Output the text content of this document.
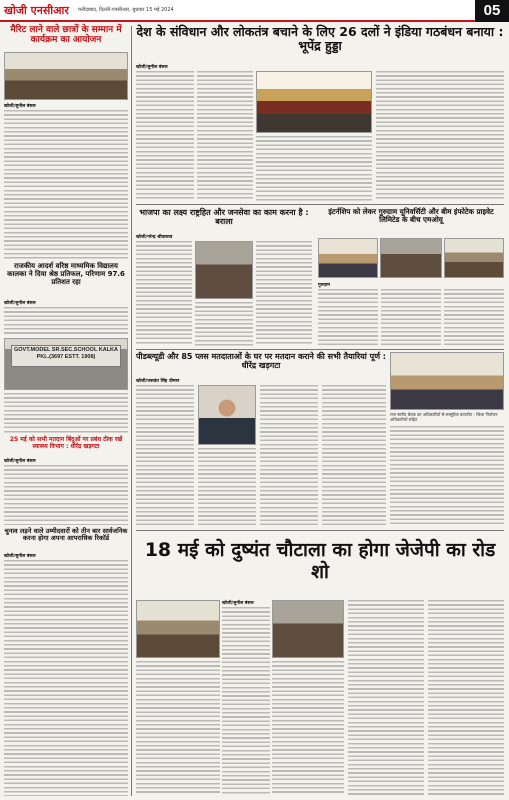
खोजी एनसीआर फरीदाबाद, दिल्ली-एनसीआर, बुधवार 15 मई 2024	05
मैरिट लाने वाले छात्रों के सम्मान में कार्यक्रम का आयोजन
खोजी/सुनील बंसल
राजकीय आदर्श वरिष्ठ माध्यमिक विद्यालय कालका ने दिया श्रेष्ठ प्रतिफल, परिणाम 97.6 प्रतिशत रहा
खोजी/सुनील बंसल
GOVT.MODEL SR.SEC.SCHOOL KALKA PKL.(3697 ESTT. 1908)
25 मई को सभी मतदान बिंदुओं पर प्रबंध ठीक रखें स्वास्थ्य विभाग : धीरेंद्र खड़गटा
खोजी/सुनील बंसल
चुनाव लड़ने वाले उम्मीदवारों को तीन बार सार्वजनिक करना होगा अपना आपराधिक रिकॉर्ड
खोजी/सुनील बंसल
देश के संविधान और लोकतंत्र बचाने के लिए 26 दलों ने इंडिया गठबंधन बनाया : भूपेंद्र हुड्डा
खोजी/सुनील बंसल
भाजपा का लक्ष्य राष्ट्रहित और जनसेवा का काम करना है : बराला
खोजी/नरेन्द्र श्रीवास्तव
इंटर्नशिप को लेकर गुरुग्राम यूनिवर्सिटी और बीम इंफोटेक प्राइवेट लिमिटेड के बीच एमओयू
गुरुग्राम
पीडब्ल्यूडी और 85 प्लस मतदाताओं के घर पर मतदान कराने की सभी तैयारियां पूर्ण : धीरेंद्र खड़गटा
खोजी/जसवंत सिंह धीमान
राज स्तरीय बैठक का अधिकारियों से सामूहिक बातचीत - जिला निर्वाचन अधिकारियों सहित
18 मई को दुष्यंत चौटाला का होगा जेजेपी का रोड शो
खोजी/सुनील बंसल
